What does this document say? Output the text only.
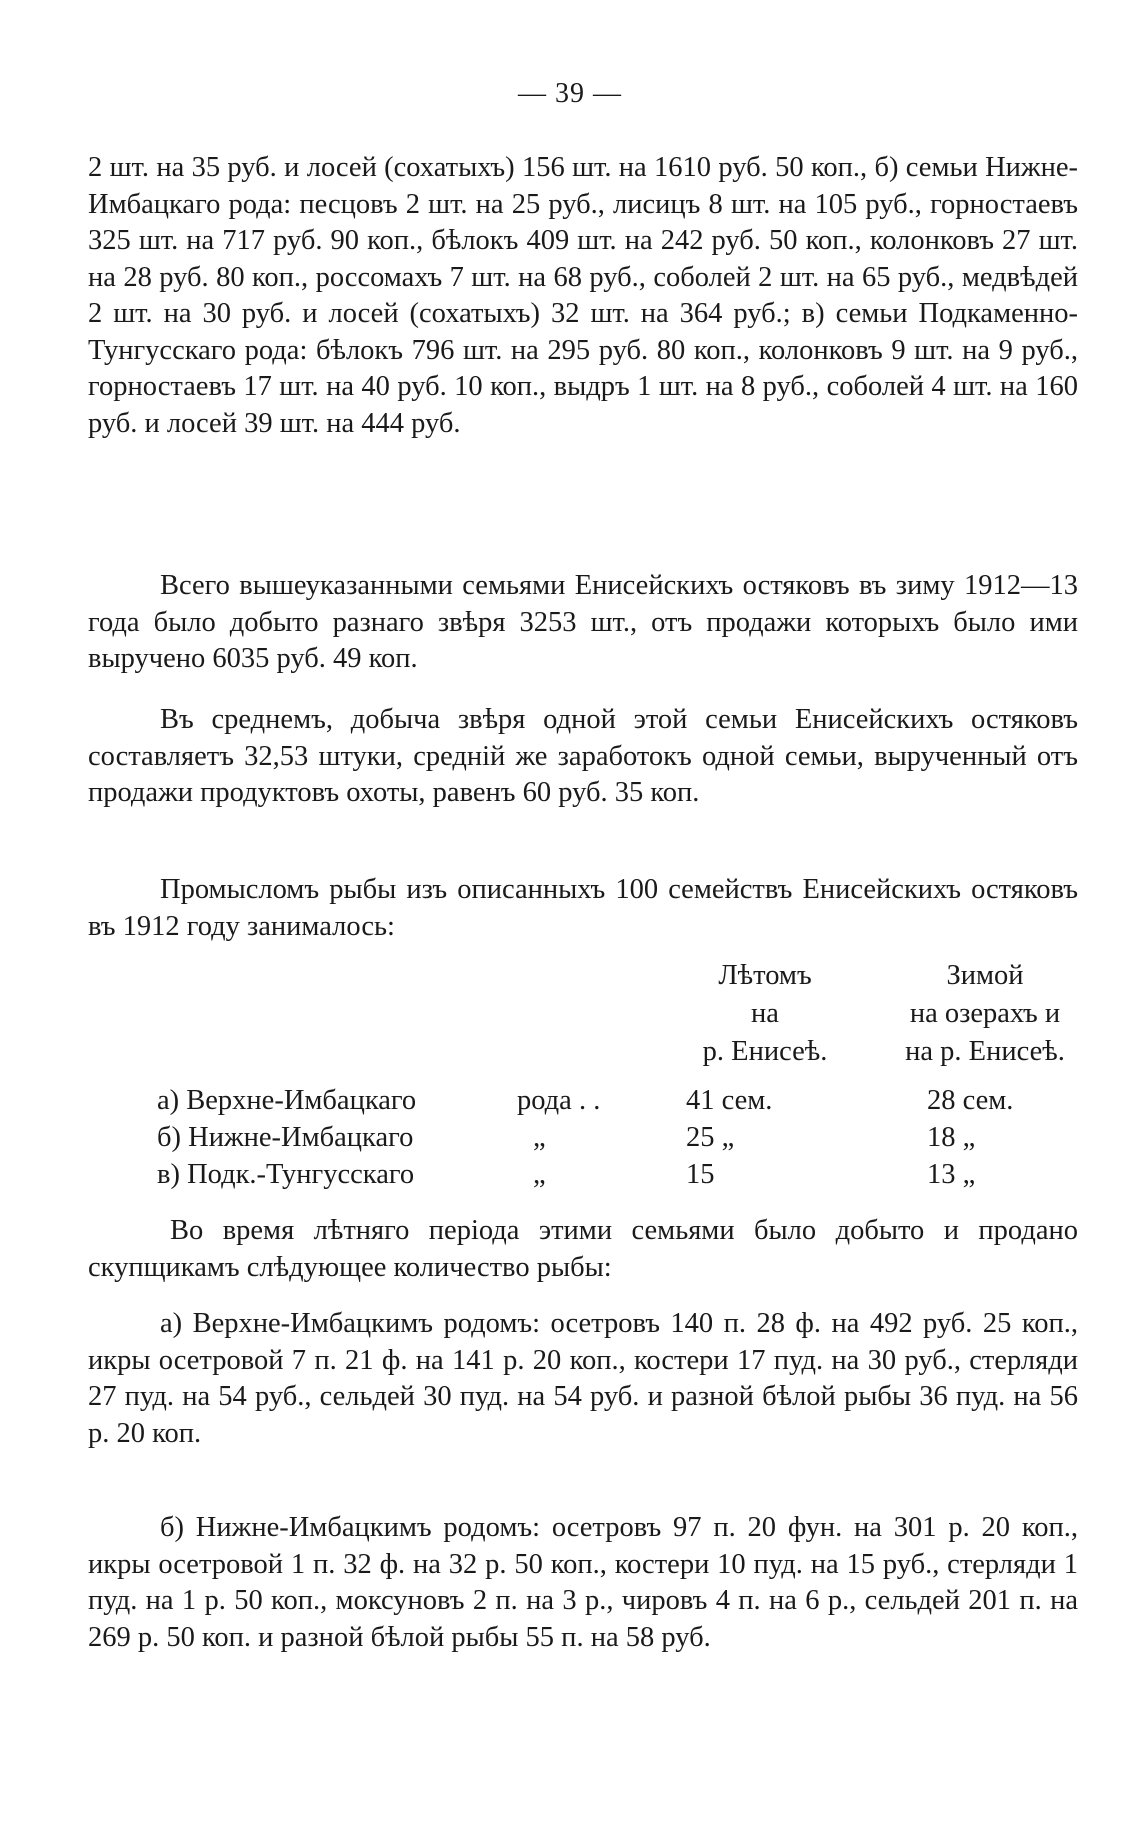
— 39 —
2 шт. на 35 руб. и лосей (сохатыхъ) 156 шт. на 1610 руб. 50 коп., б) семьи Нижне-Имбацкаго рода: песцовъ 2 шт. на 25 руб., лисицъ 8 шт. на 105 руб., горностаевъ 325 шт. на 717 руб. 90 коп., бѣлокъ 409 шт. на 242 руб. 50 коп., колонковъ 27 шт. на 28 руб. 80 коп., россомахъ 7 шт. на 68 руб., соболей 2 шт. на 65 руб., медвѣдей 2 шт. на 30 руб. и лосей (сохатыхъ) 32 шт. на 364 руб.; в) семьи Подкаменно-Тунгусскаго рода: бѣлокъ 796 шт. на 295 руб. 80 коп., колонковъ 9 шт. на 9 руб., горностаевъ 17 шт. на 40 руб. 10 коп., выдръ 1 шт. на 8 руб., соболей 4 шт. на 160 руб. и лосей 39 шт. на 444 руб.
Всего вышеуказанными семьями Енисейскихъ остяковъ въ зиму 1912—13 года было добыто разнаго звѣря 3253 шт., отъ продажи которыхъ было ими выручено 6035 руб. 49 коп.
Въ среднемъ, добыча звѣря одной этой семьи Енисейскихъ остяковъ составляетъ 32,53 штуки, средній же заработокъ одной семьи, вырученный отъ продажи продуктовъ охоты, равенъ 60 руб. 35 коп.
Промысломъ рыбы изъ описанныхъ 100 семействъ Енисейскихъ остяковъ въ 1912 году занималось:
Лѣтомъ
на
р. Енисеѣ.
Зимой
на озерахъ и
на р. Енисеѣ.
а) Верхне-Имбацкаго	рода . .	41 сем.	28 сем.
б) Нижне-Имбацкаго	„	25 „	18 „
в) Подк.-Тунгусскаго	„	15	13 „
Во время лѣтняго періода этими семьями было добыто и продано скупщикамъ слѣдующее количество рыбы:
а) Верхне-Имбацкимъ родомъ: осетровъ 140 п. 28 ф. на 492 руб. 25 коп., икры осетровой 7 п. 21 ф. на 141 р. 20 коп., костери 17 пуд. на 30 руб., стерляди 27 пуд. на 54 руб., сельдей 30 пуд. на 54 руб. и разной бѣлой рыбы 36 пуд. на 56 р. 20 коп.
б) Нижне-Имбацкимъ родомъ: осетровъ 97 п. 20 фун. на 301 р. 20 коп., икры осетровой 1 п. 32 ф. на 32 р. 50 коп., костери 10 пуд. на 15 руб., стерляди 1 пуд. на 1 р. 50 коп., моксуновъ 2 п. на 3 р., чировъ 4 п. на 6 р., сельдей 201 п. на 269 р. 50 коп. и разной бѣлой рыбы 55 п. на 58 руб.
